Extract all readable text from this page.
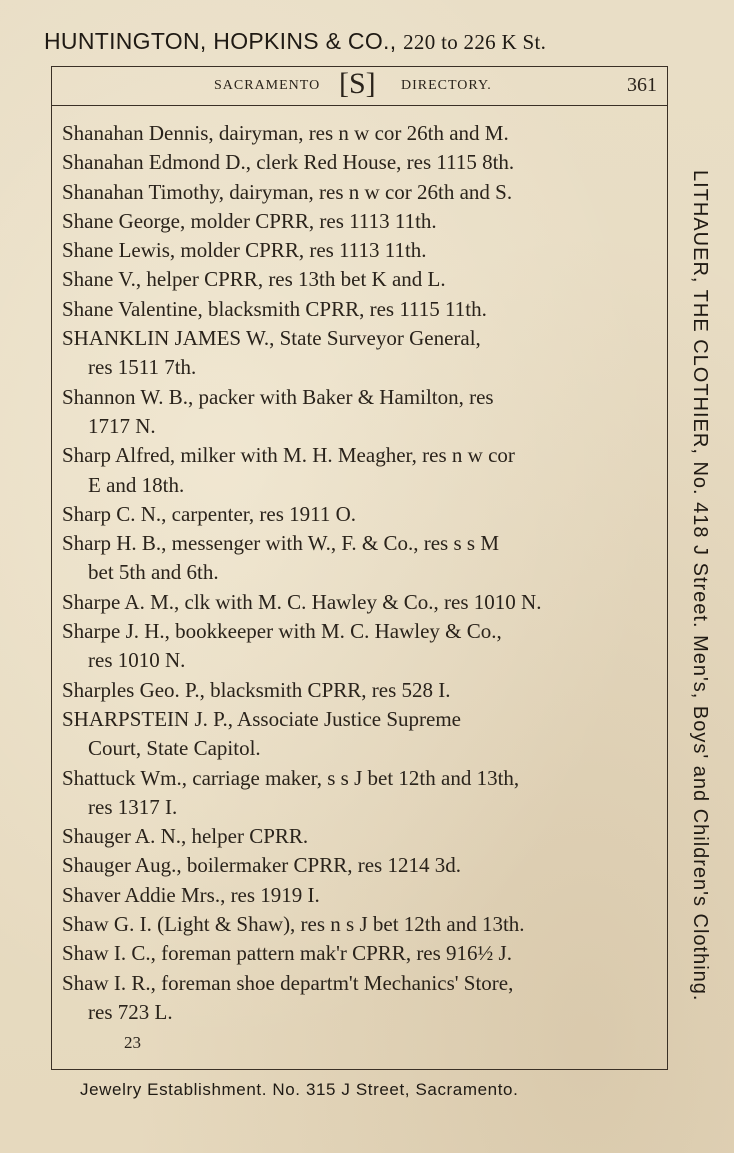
HUNTINGTON, HOPKINS & CO., 220 to 226 K St.
SACRAMENTO [S] DIRECTORY.	361

Shanahan Dennis, dairyman, res n w cor 26th and M.

Shanahan Edmond D., clerk Red House, res 1115 8th.

Shanahan Timothy, dairyman, res n w cor 26th and S.

Shane George, molder CPRR, res 1113 11th.

Shane Lewis, molder CPRR, res 1113 11th.

Shane V., helper CPRR, res 13th bet K and L.

Shane Valentine, blacksmith CPRR, res 1115 11th.

SHANKLIN JAMES W., State Surveyor General,
res 1511 7th.

Shannon W. B., packer with Baker & Hamilton, res
1717 N.

Sharp Alfred, milker with M. H. Meagher, res n w cor
E and 18th.

Sharp C. N., carpenter, res 1911 O.

Sharp H. B., messenger with W., F. & Co., res s s M
bet 5th and 6th.

Sharpe A. M., clk with M. C. Hawley & Co., res 1010 N.

Sharpe J. H., bookkeeper with M. C. Hawley & Co.,
res 1010 N.

Sharples Geo. P., blacksmith CPRR, res 528 I.

SHARPSTEIN J. P., Associate Justice Supreme
Court, State Capitol.

Shattuck Wm., carriage maker, s s J bet 12th and 13th,
res 1317 I.

Shauger A. N., helper CPRR.

Shauger Aug., boilermaker CPRR, res 1214 3d.

Shaver Addie Mrs., res 1919 I.

Shaw G. I. (Light & Shaw), res n s J bet 12th and 13th.

Shaw I. C., foreman pattern mak'r CPRR, res 916½ J.

Shaw I. R., foreman shoe departm't Mechanics' Store,
res 723 L.

23
LITHAUER, THE CLOTHIER, No. 418 J Street. Men's, Boys' and Children's Clothing.
Jewelry Establishment. No. 315 J Street, Sacramento.
